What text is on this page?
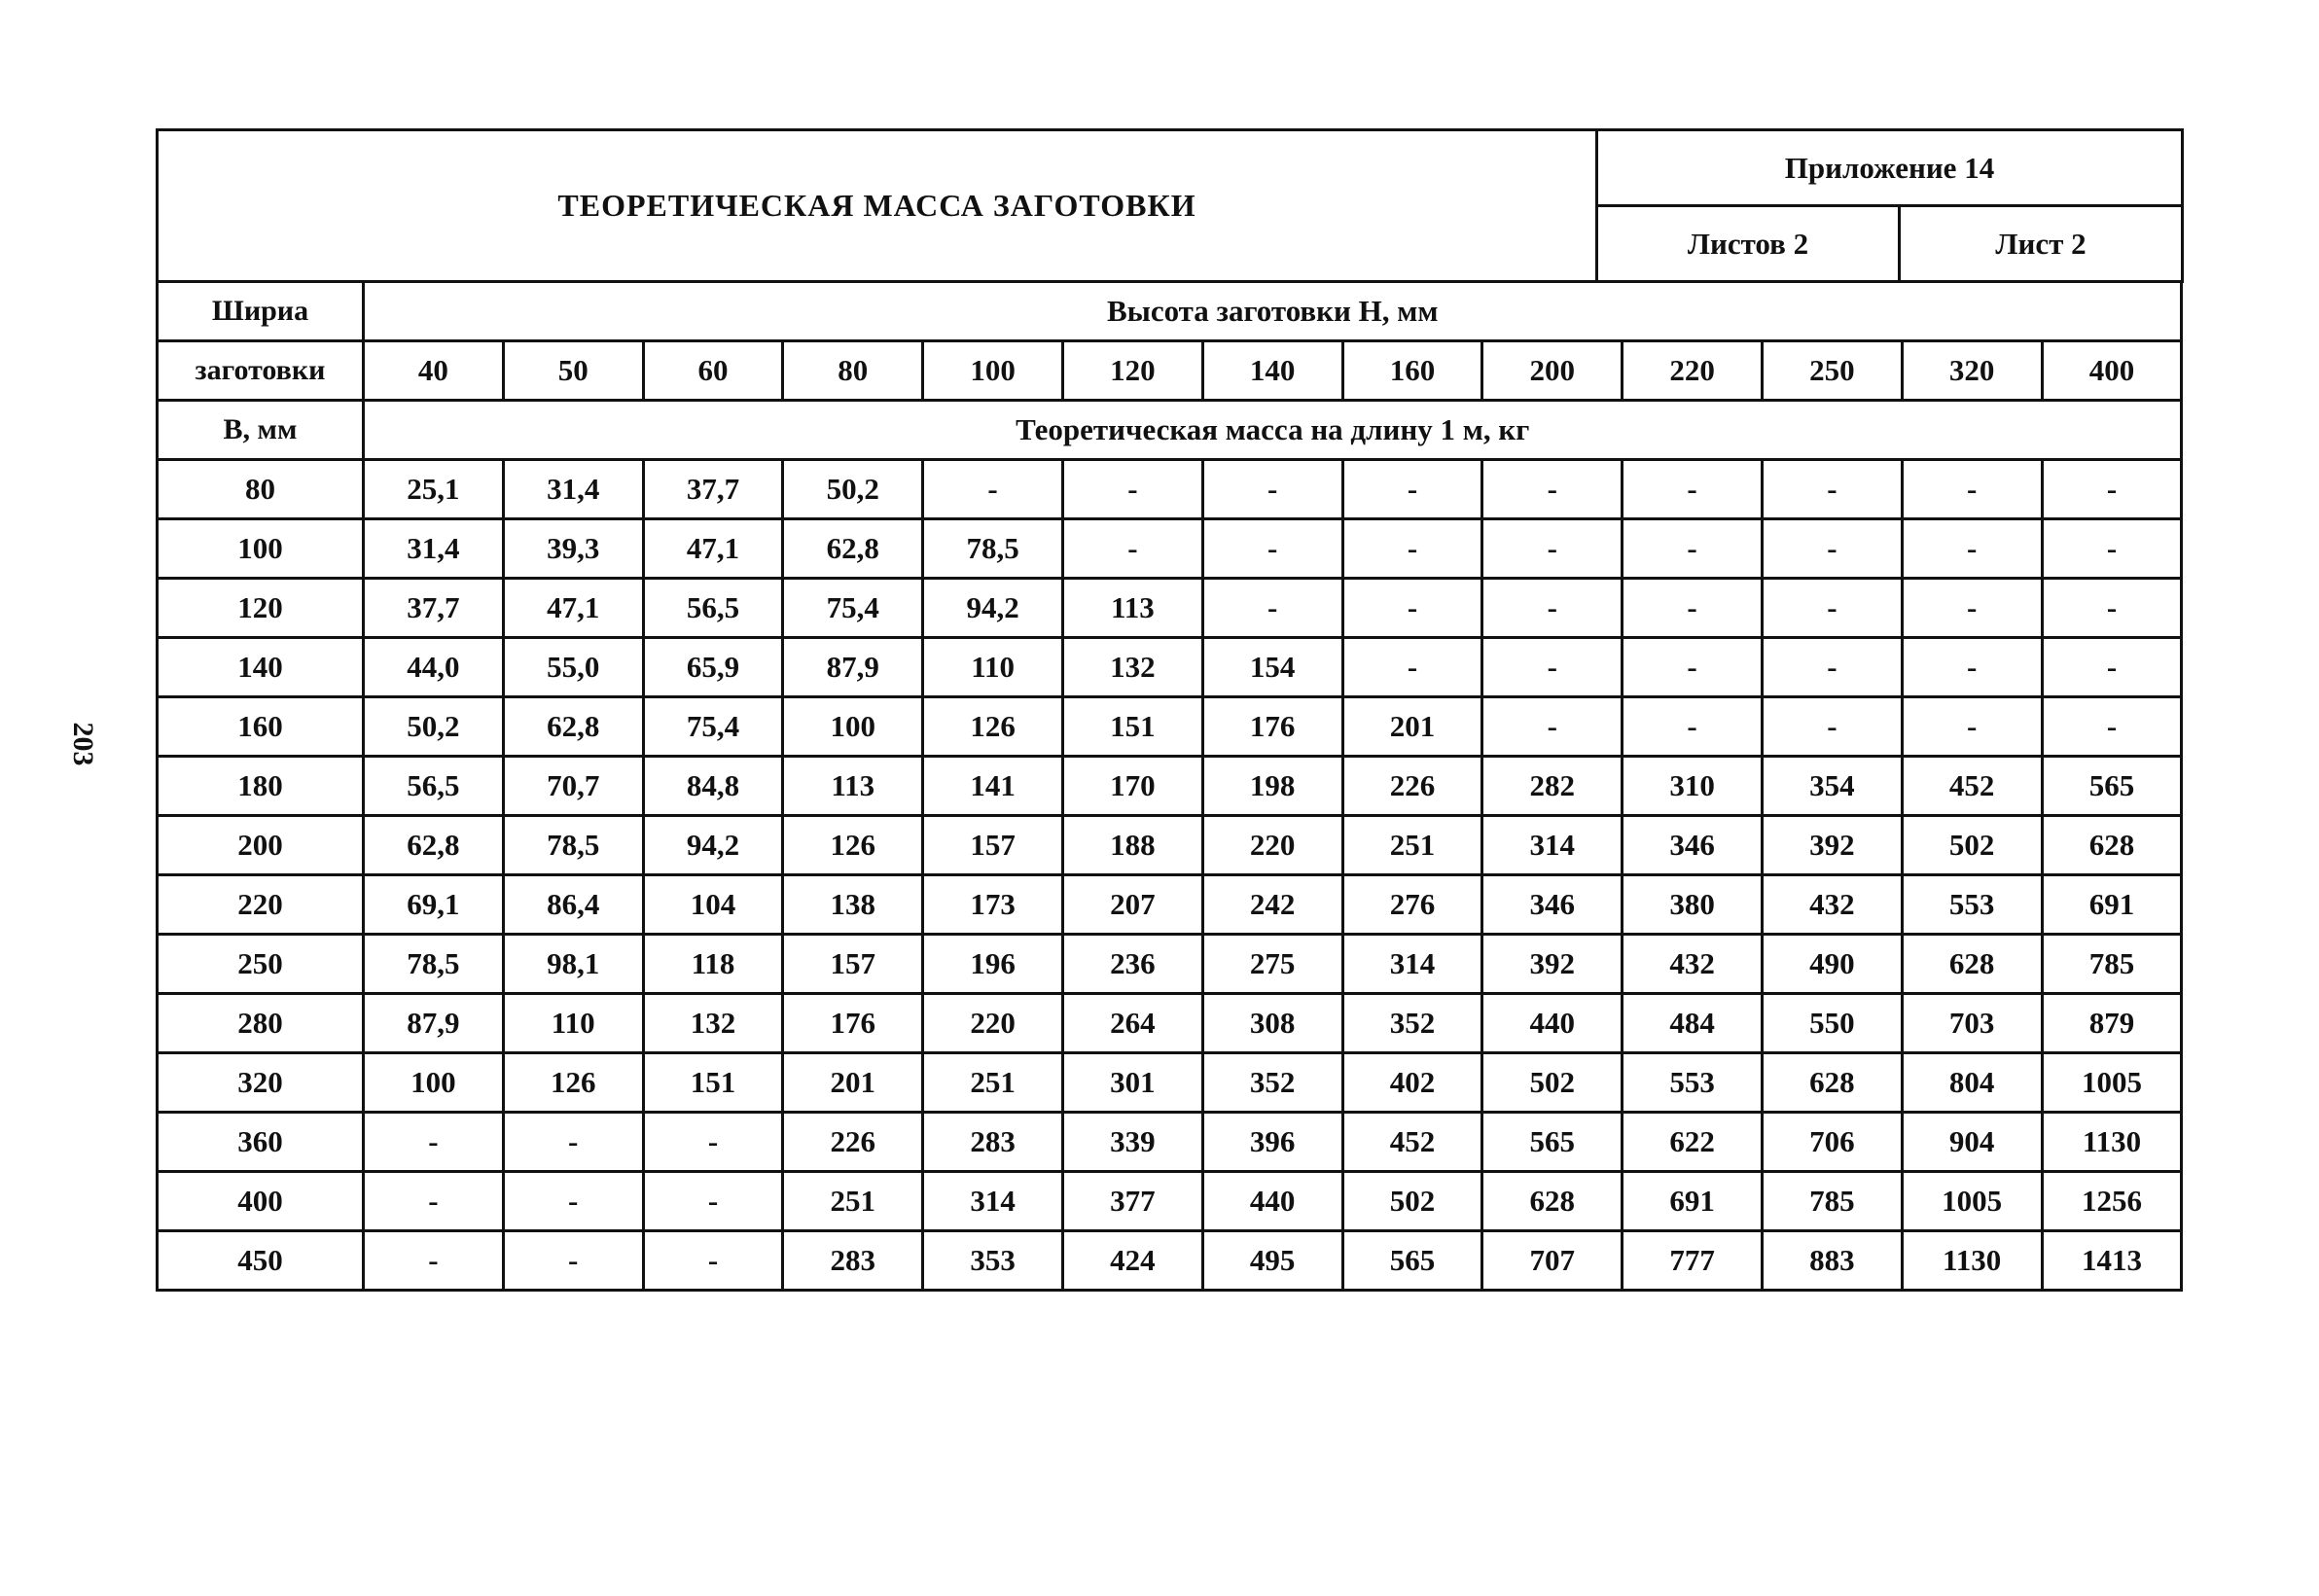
203
ТЕОРЕТИЧЕСКАЯ МАССА ЗАГОТОВКИ	Приложение 14	
	Листов 2	Лист 2
Шириа	Высота заготовки Н, мм												
заготовки	40	50	60	80	100	120	140	160	200	220	250	320	400
В, мм	Теоретическая масса на длину 1 м, кг												
80	25,1	31,4	37,7	50,2	-	-	-	-	-	-	-	-	-
100	31,4	39,3	47,1	62,8	78,5	-	-	-	-	-	-	-	-
120	37,7	47,1	56,5	75,4	94,2	113	-	-	-	-	-	-	-
140	44,0	55,0	65,9	87,9	110	132	154	-	-	-	-	-	-
160	50,2	62,8	75,4	100	126	151	176	201	-	-	-	-	-
180	56,5	70,7	84,8	113	141	170	198	226	282	310	354	452	565
200	62,8	78,5	94,2	126	157	188	220	251	314	346	392	502	628
220	69,1	86,4	104	138	173	207	242	276	346	380	432	553	691
250	78,5	98,1	118	157	196	236	275	314	392	432	490	628	785
280	87,9	110	132	176	220	264	308	352	440	484	550	703	879
320	100	126	151	201	251	301	352	402	502	553	628	804	1005
360	-	-	-	226	283	339	396	452	565	622	706	904	1130
400	-	-	-	251	314	377	440	502	628	691	785	1005	1256
450	-	-	-	283	353	424	495	565	707	777	883	1130	1413
